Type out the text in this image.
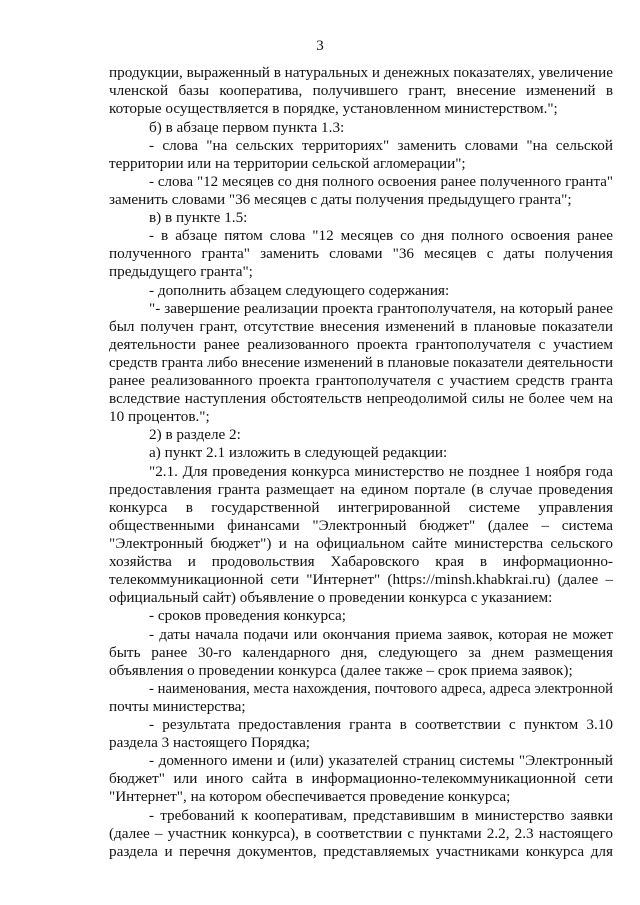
3
продукции, выраженный в натуральных и денежных показателях, увеличение
членской базы кооператива, получившего грант, внесение изменений в
которые осуществляется в порядке, установленном министерством.";
б) в абзаце первом пункта 1.3:
- слова "на сельских территориях" заменить словами "на сельской
территории или на территории сельской агломерации";
- слова "12 месяцев со дня полного освоения ранее полученного гранта"
заменить словами "36 месяцев с даты получения предыдущего гранта";
в) в пункте 1.5:
- в абзаце пятом слова "12 месяцев со дня полного освоения ранее
полученного гранта" заменить словами "36 месяцев с даты получения
предыдущего гранта";
- дополнить абзацем следующего содержания:
"- завершение реализации проекта грантополучателя, на который ранее
был получен грант, отсутствие внесения изменений в плановые показатели
деятельности ранее реализованного проекта грантополучателя с участием
средств гранта либо внесение изменений в плановые показатели деятельности
ранее реализованного проекта грантополучателя с участием средств гранта
вследствие наступления обстоятельств непреодолимой силы не более чем на
10 процентов.";
2) в разделе 2:
а) пункт 2.1 изложить в следующей редакции:
"2.1. Для проведения конкурса министерство не позднее 1 ноября года
предоставления гранта размещает на едином портале (в случае проведения
конкурса в государственной интегрированной системе управления
общественными финансами "Электронный бюджет" (далее – система
"Электронный бюджет") и на официальном сайте министерства сельского
хозяйства и продовольствия Хабаровского края в информационно-
телекоммуникационной сети "Интернет" (https://minsh.khabkrai.ru) (далее –
официальный сайт) объявление о проведении конкурса с указанием:
- сроков проведения конкурса;
- даты начала подачи или окончания приема заявок, которая не может
быть ранее 30-го календарного дня, следующего за днем размещения
объявления о проведении конкурса (далее также – срок приема заявок);
- наименования, места нахождения, почтового адреса, адреса электронной
почты министерства;
- результата предоставления гранта в соответствии с пунктом 3.10
раздела 3 настоящего Порядка;
- доменного имени и (или) указателей страниц системы "Электронный
бюджет" или иного сайта в информационно-телекоммуникационной сети
"Интернет", на котором обеспечивается проведение конкурса;
- требований к кооперативам, представившим в министерство заявки
(далее – участник конкурса), в соответствии с пунктами 2.2, 2.3 настоящего
раздела и перечня документов, представляемых участниками конкурса для
